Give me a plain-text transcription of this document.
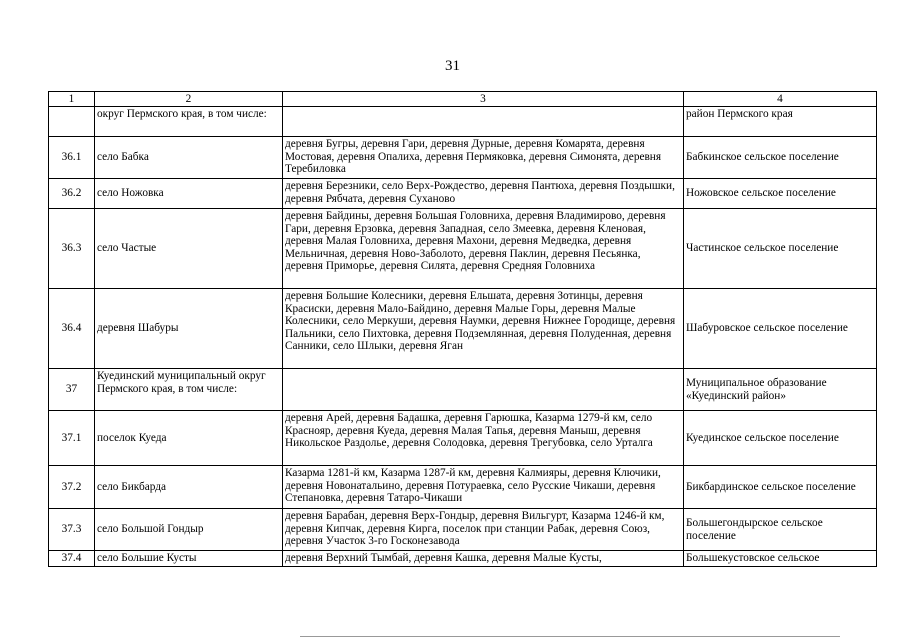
31
1	2	3	4
	округ Пермского края, в том числе:		район Пермского края
36.1	село Бабка	деревня Бугры, деревня Гари, деревня Дурные, деревня Комарята, деревня Мостовая, деревня Опалиха, деревня Пермяковка, деревня Симонята, деревня Теребиловка	Бабкинское сельское поселение
36.2	село Ножовка	деревня Березники, село Верх-Рождество, деревня Пантюха, деревня Поздышки, деревня Рябчата, деревня Суханово	Ножовское сельское поселение
36.3	село Частые	деревня Байдины, деревня Большая Головниха, деревня Владимирово, деревня Гари, деревня Ерзовка, деревня Западная, село Змеевка, деревня Кленовая, деревня Малая Головниха, деревня Махони, деревня Медведка, деревня Мельничная, деревня Ново-Заболото, деревня Паклин, деревня Песьянка, деревня Приморье, деревня Силята, деревня Средняя Головниха	Частинское сельское поселение
36.4	деревня Шабуры	деревня Большие Колесники, деревня Ельшата, деревня Зотинцы, деревня Красиски, деревня Мало-Байдино, деревня Малые Горы, деревня Малые Колесники, село Меркуши, деревня Наумки, деревня Нижнее Городище, деревня Пальники, село Пихтовка, деревня Подземлянная, деревня Полуденная, деревня Санники, село Шлыки, деревня Яган	Шабуровское сельское поселение
37	Куединский муниципальный округ Пермского края, в том числе:		Муниципальное образование «Куединский район»
37.1	поселок Куеда	деревня Арей, деревня Бадашка, деревня Гарюшка, Казарма 1279-й км, село Краснояр, деревня Куеда, деревня Малая Тапья, деревня Маныш, деревня Никольское Раздолье, деревня Солодовка, деревня Трегубовка, село Урталга	Куединское сельское поселение
37.2	село Бикбарда	Казарма 1281-й км, Казарма 1287-й км, деревня Калмияры, деревня Ключики, деревня Новонатальино, деревня Потураевка, село Русские Чикаши, деревня Степановка, деревня Татаро-Чикаши	Бикбардинское сельское поселение
37.3	село Большой Гондыр	деревня Барабан, деревня Верх-Гондыр, деревня Вильгурт, Казарма 1246-й км, деревня Кипчак, деревня Кирга, поселок при станции Рабак, деревня Союз, деревня Участок 3-го Госконезавода	Большегондырское сельское поселение
37.4	село Большие Кусты	деревня Верхний Тымбай, деревня Кашка, деревня Малые Кусты,	Большекустовское сельское
